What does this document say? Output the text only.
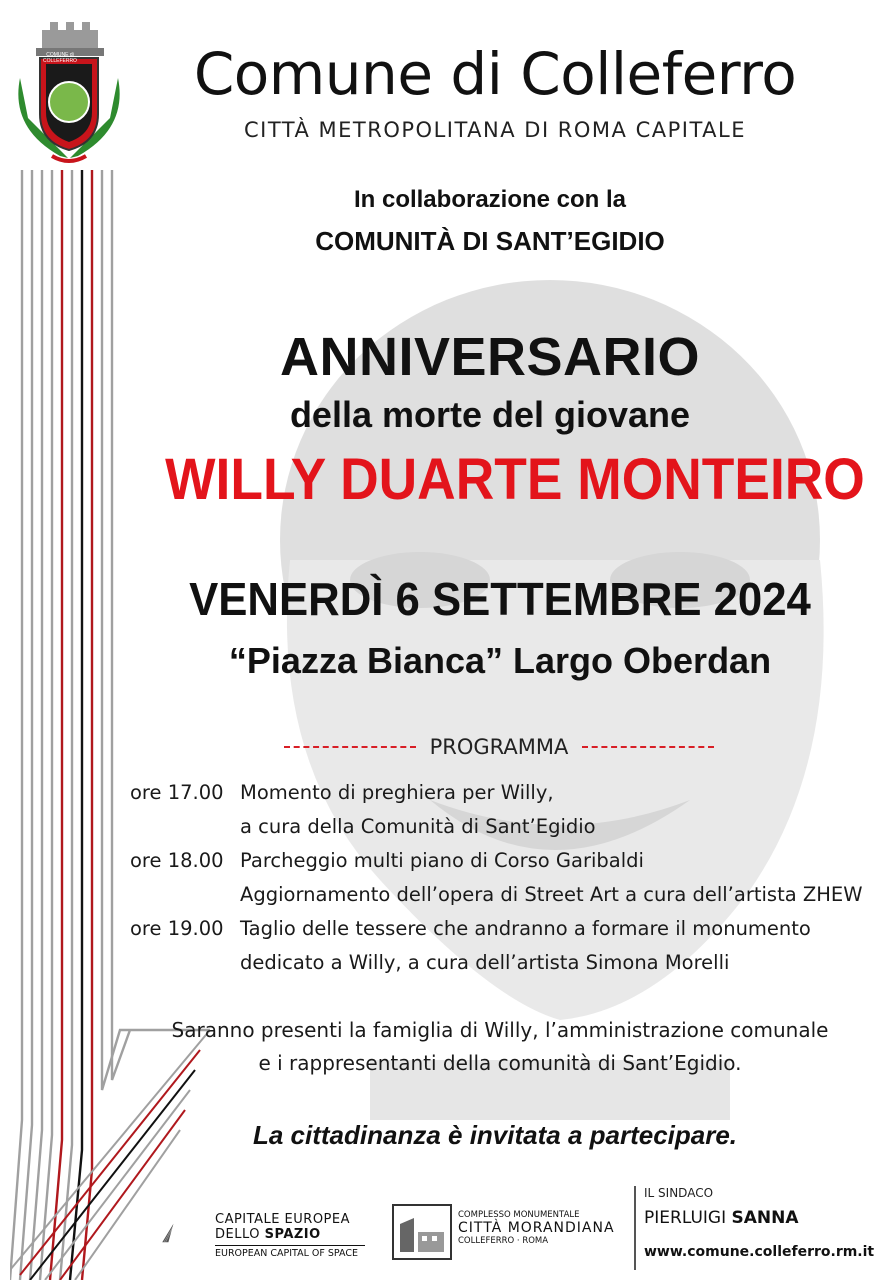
COMUNE di COLLEFERRO	Comune di Colleferro
CITTÀ METROPOLITANA DI ROMA CAPITALE
In collaborazione con la
COMUNITÀ DI SANT’EGIDIO
ANNIVERSARIO
della morte del giovane
WILLY DUARTE MONTEIRO
VENERDÌ 6 SETTEMBRE 2024
“Piazza Bianca” Largo Oberdan
PROGRAMMA
ore 17.00 Momento di preghiera per Willy,
a cura della Comunità di Sant’Egidio
ore 18.00 Parcheggio multi piano di Corso Garibaldi
Aggiornamento dell’opera di Street Art a cura dell’artista ZHEW
ore 19.00 Taglio delle tessere che andranno a formare il monumento
dedicato a Willy, a cura dell’artista Simona Morelli
Saranno presenti la famiglia di Willy, l’amministrazione comunale
e i rappresentanti della comunità di Sant’Egidio.
La cittadinanza è invitata a partecipare.
CAPITALE EUROPEA
DELLO SPAZIO
EUROPEAN CAPITAL OF SPACE
COMPLESSO MONUMENTALE
CITTÀ MORANDIANA
COLLEFERRO · ROMA
IL SINDACO
PIERLUIGI SANNA
www.comune.colleferro.rm.it
